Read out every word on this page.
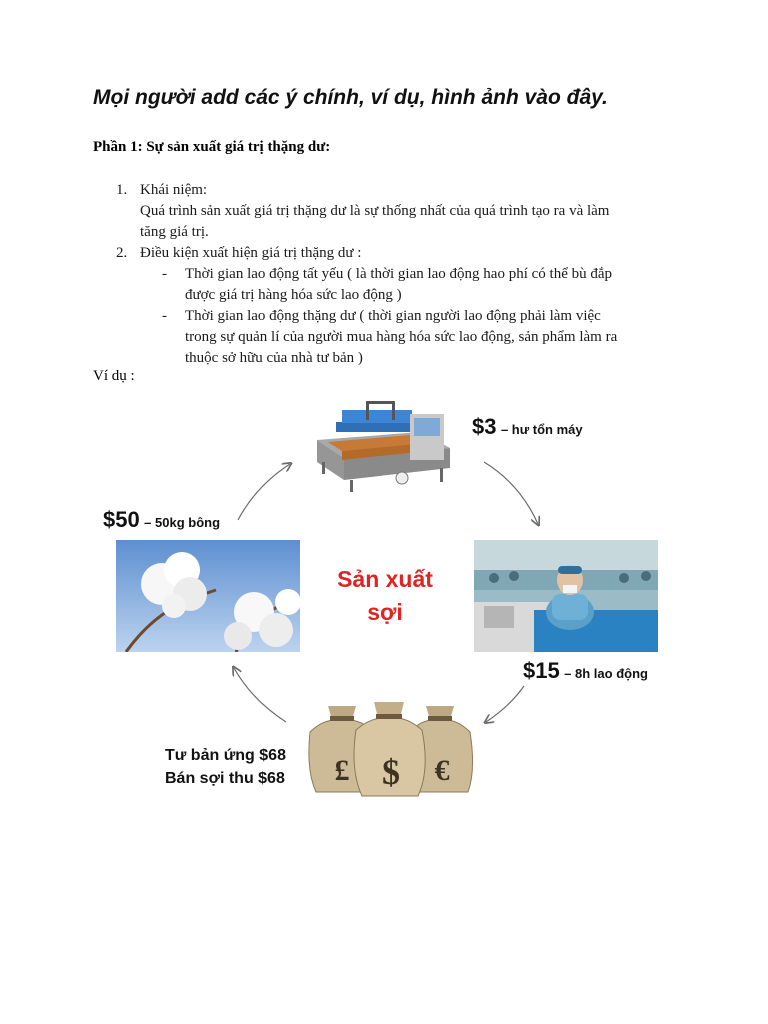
Mọi người add các ý chính, ví dụ, hình ảnh vào đây.
Phần 1: Sự sản xuất giá trị thặng dư:
1. Khái niệm:
Quá trình sản xuất giá trị thặng dư là sự thống nhất của quá trình tạo ra và làm
tăng giá trị.
2. Điều kiện xuất hiện giá trị thặng dư :
- Thời gian lao động tất yếu ( là thời gian lao động hao phí có thể bù đắp
được giá trị hàng hóa sức lao động )
- Thời gian lao động thặng dư ( thời gian người lao động phải làm việc
trong sự quản lí của người mua hàng hóa sức lao động, sản phẩm làm ra
thuộc sở hữu của nhà tư bản )
Ví dụ :
$3 – hư tổn máy
$50 – 50kg bông
$15 – 8h lao động
£ $ €
Tư bản ứng $68
Bán sợi thu $68
Sản xuất
sợi
